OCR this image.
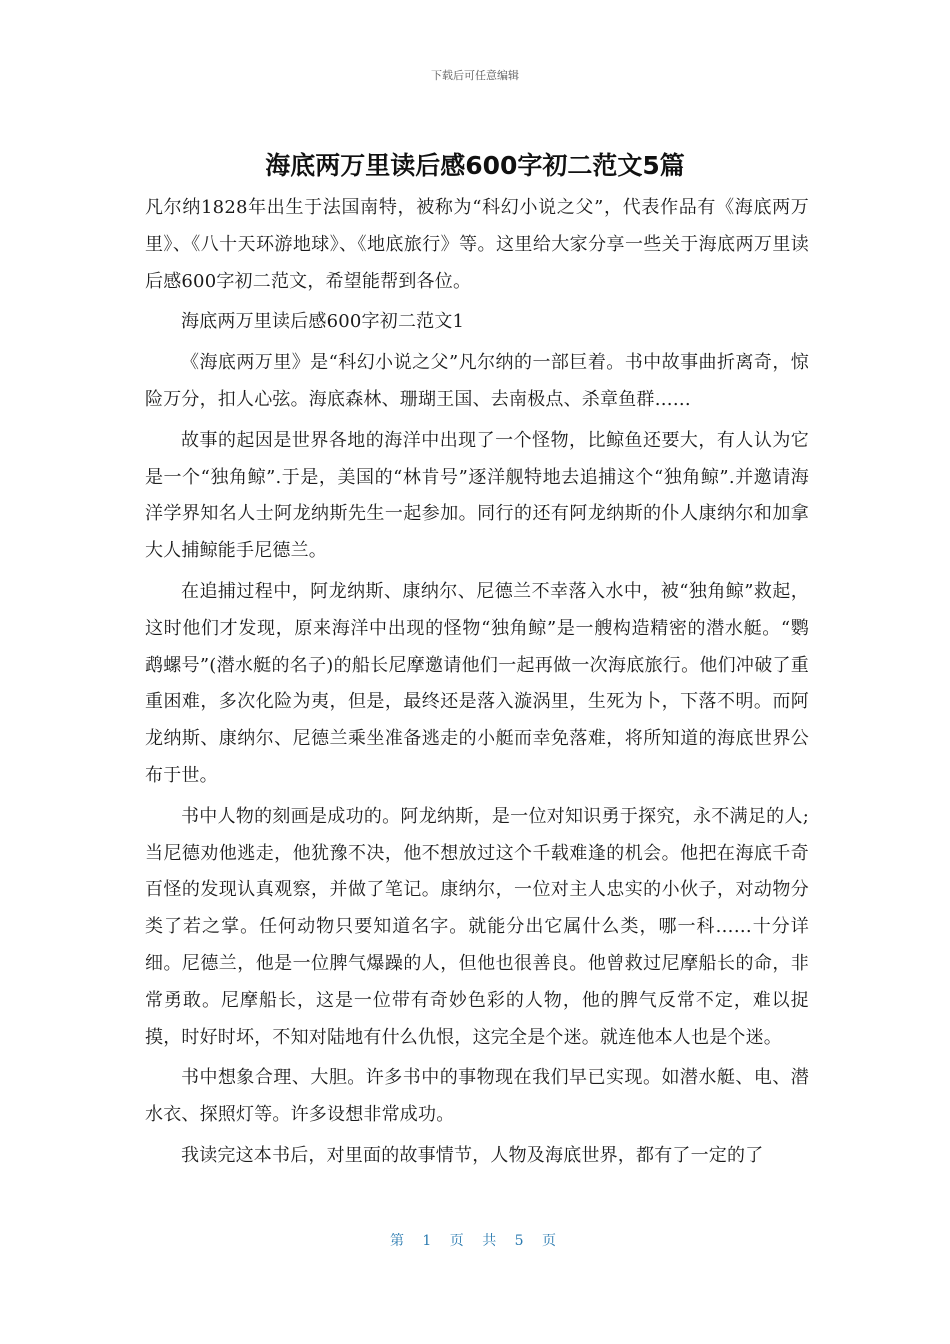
下载后可任意编辑
海底两万里读后感600字初二范文5篇

凡尔纳1828年出生于法国南特，被称为“科幻小说之父”，代表作品有《海底两万里》、《八十天环游地球》、《地底旅行》等。这里给大家分享一些关于海底两万里读后感600字初二范文，希望能帮到各位。

海底两万里读后感600字初二范文1

《海底两万里》是“科幻小说之父”凡尔纳的一部巨着。书中故事曲折离奇，惊险万分，扣人心弦。海底森林、珊瑚王国、去南极点、杀章鱼群……

故事的起因是世界各地的海洋中出现了一个怪物，比鲸鱼还要大，有人认为它是一个“独角鲸”.于是，美国的“林肯号”逐洋舰特地去追捕这个“独角鲸”.并邀请海洋学界知名人士阿龙纳斯先生一起参加。同行的还有阿龙纳斯的仆人康纳尔和加拿大人捕鲸能手尼德兰。

在追捕过程中，阿龙纳斯、康纳尔、尼德兰不幸落入水中，被“独角鲸”救起，这时他们才发现，原来海洋中出现的怪物“独角鲸”是一艘构造精密的潜水艇。“鹦鹉螺号”(潜水艇的名子)的船长尼摩邀请他们一起再做一次海底旅行。他们冲破了重重困难，多次化险为夷，但是，最终还是落入漩涡里，生死为卜，下落不明。而阿龙纳斯、康纳尔、尼德兰乘坐准备逃走的小艇而幸免落难，将所知道的海底世界公布于世。

书中人物的刻画是成功的。阿龙纳斯，是一位对知识勇于探究，永不满足的人;当尼德劝他逃走，他犹豫不决，他不想放过这个千载难逢的机会。他把在海底千奇百怪的发现认真观察，并做了笔记。康纳尔，一位对主人忠实的小伙子，对动物分类了若之掌。任何动物只要知道名字。就能分出它属什么类，哪一科……十分详细。尼德兰，他是一位脾气爆躁的人，但他也很善良。他曾救过尼摩船长的命，非常勇敢。尼摩船长，这是一位带有奇妙色彩的人物，他的脾气反常不定，难以捉摸，时好时坏，不知对陆地有什么仇恨，这完全是个迷。就连他本人也是个迷。

书中想象合理、大胆。许多书中的事物现在我们早已实现。如潜水艇、电、潜水衣、探照灯等。许多设想非常成功。

我读完这本书后，对里面的故事情节，人物及海底世界，都有了一定的了

第 1 页 共 5 页
